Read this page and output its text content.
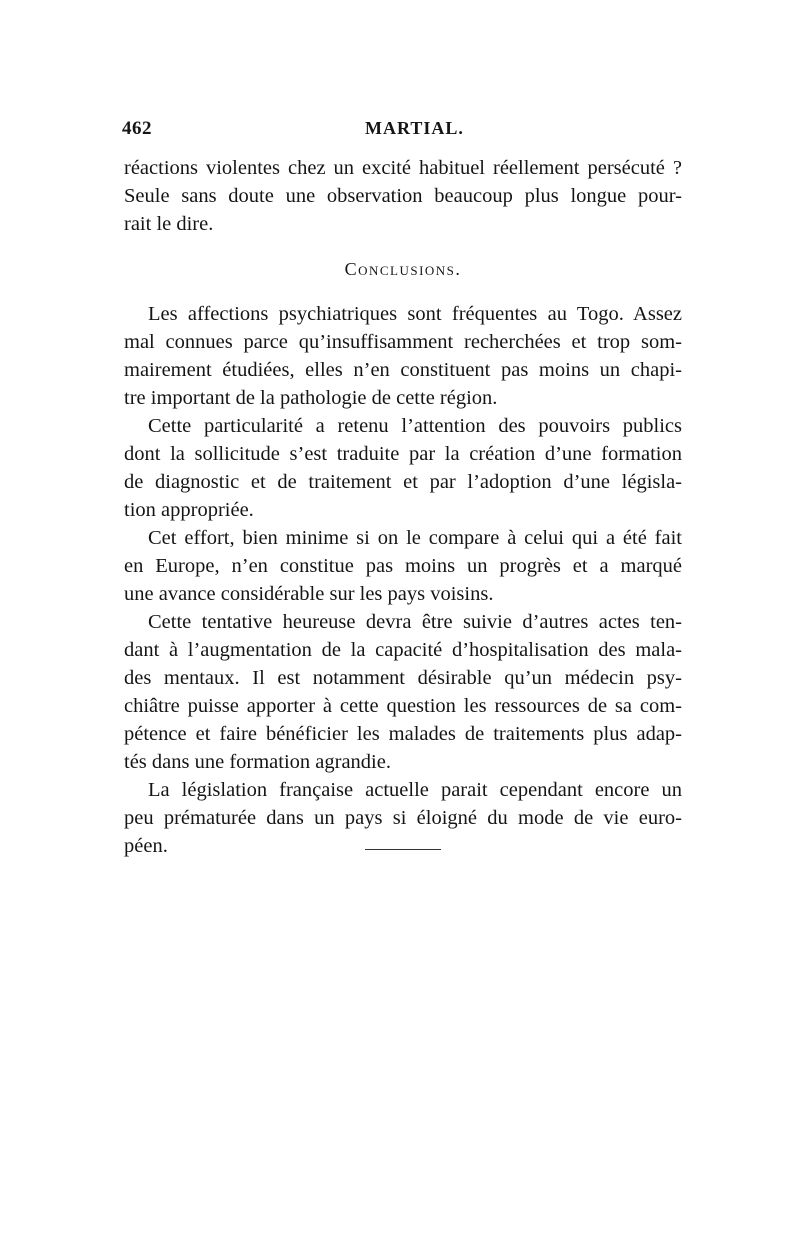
462	MARTIAL.
réactions violentes chez un excité habituel réellement persécuté ?
Seule sans doute une observation beaucoup plus longue pour-
rait le dire.
Conclusions.
Les affections psychiatriques sont fréquentes au Togo. Assez
mal connues parce qu’insuffisamment recherchées et trop som-
mairement étudiées, elles n’en constituent pas moins un chapi-
tre important de la pathologie de cette région.
Cette particularité a retenu l’attention des pouvoirs publics
dont la sollicitude s’est traduite par la création d’une formation
de diagnostic et de traitement et par l’adoption d’une législa-
tion appropriée.
Cet effort, bien minime si on le compare à celui qui a été fait
en Europe, n’en constitue pas moins un progrès et a marqué
une avance considérable sur les pays voisins.
Cette tentative heureuse devra être suivie d’autres actes ten-
dant à l’augmentation de la capacité d’hospitalisation des mala-
des mentaux. Il est notamment désirable qu’un médecin psy-
chiâtre puisse apporter à cette question les ressources de sa com-
pétence et faire bénéficier les malades de traitements plus adap-
tés dans une formation agrandie.
La législation française actuelle parait cependant encore un
peu prématurée dans un pays si éloigné du mode de vie euro-
péen.
